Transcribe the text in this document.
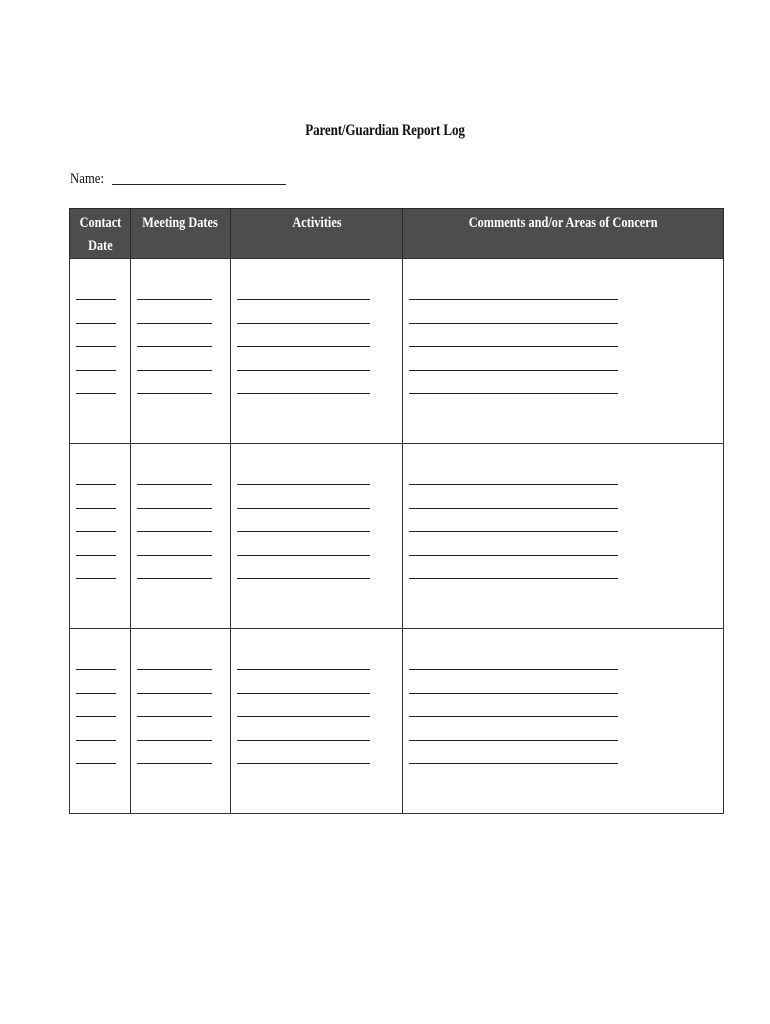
Parent/Guardian Report Log
Name:
Contact
Date	Meeting Dates	Activities	Comments and/or Areas of Concern
